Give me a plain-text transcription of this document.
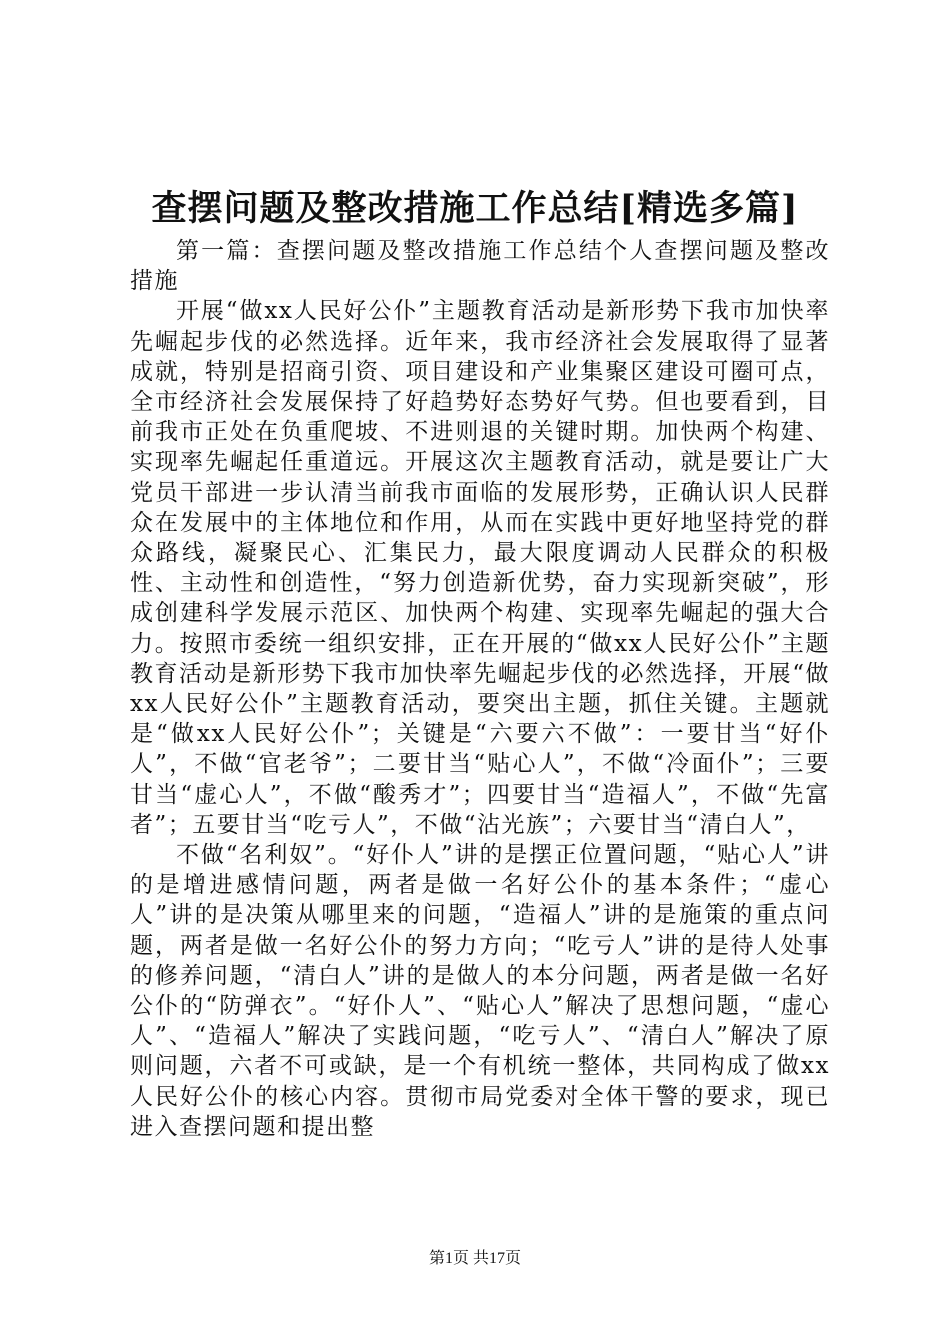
查摆问题及整改措施工作总结[精选多篇]

第一篇：查摆问题及整改措施工作总结个人查摆问题及整改措施

开展“做xx人民好公仆”主题教育活动是新形势下我市加快率先崛起步伐的必然选择。近年来，我市经济社会发展取得了显著成就，特别是招商引资、项目建设和产业集聚区建设可圈可点，全市经济社会发展保持了好趋势好态势好气势。但也要看到，目前我市正处在负重爬坡、不进则退的关键时期。加快两个构建、实现率先崛起任重道远。开展这次主题教育活动，就是要让广大党员干部进一步认清当前我市面临的发展形势，正确认识人民群众在发展中的主体地位和作用，从而在实践中更好地坚持党的群众路线，凝聚民心、汇集民力，最大限度调动人民群众的积极性、主动性和创造性，“努力创造新优势，奋力实现新突破”，形成创建科学发展示范区、加快两个构建、实现率先崛起的强大合力。按照市委统一组织安排，正在开展的“做xx人民好公仆”主题教育活动是新形势下我市加快率先崛起步伐的必然选择，开展“做xx人民好公仆”主题教育活动，要突出主题，抓住关键。主题就是“做xx人民好公仆”；关键是“六要六不做”：一要甘当“好仆人”，不做“官老爷”；二要甘当“贴心人”，不做“冷面仆”；三要甘当“虚心人”，不做“酸秀才”；四要甘当“造福人”，不做“先富者”；五要甘当“吃亏人”，不做“沾光族”；六要甘当“清白人”，

不做“名利奴”。“好仆人”讲的是摆正位置问题，“贴心人”讲的是增进感情问题，两者是做一名好公仆的基本条件；“虚心人”讲的是决策从哪里来的问题，“造福人”讲的是施策的重点问题，两者是做一名好公仆的努力方向；“吃亏人”讲的是待人处事的修养问题，“清白人”讲的是做人的本分问题，两者是做一名好公仆的“防弹衣”。“好仆人”、“贴心人”解决了思想问题，“虚心人”、“造福人”解决了实践问题，“吃亏人”、“清白人”解决了原则问题，六者不可或缺，是一个有机统一整体，共同构成了做xx人民好公仆的核心内容。贯彻市局党委对全体干警的要求，现已进入查摆问题和提出整

第1页 共17页
